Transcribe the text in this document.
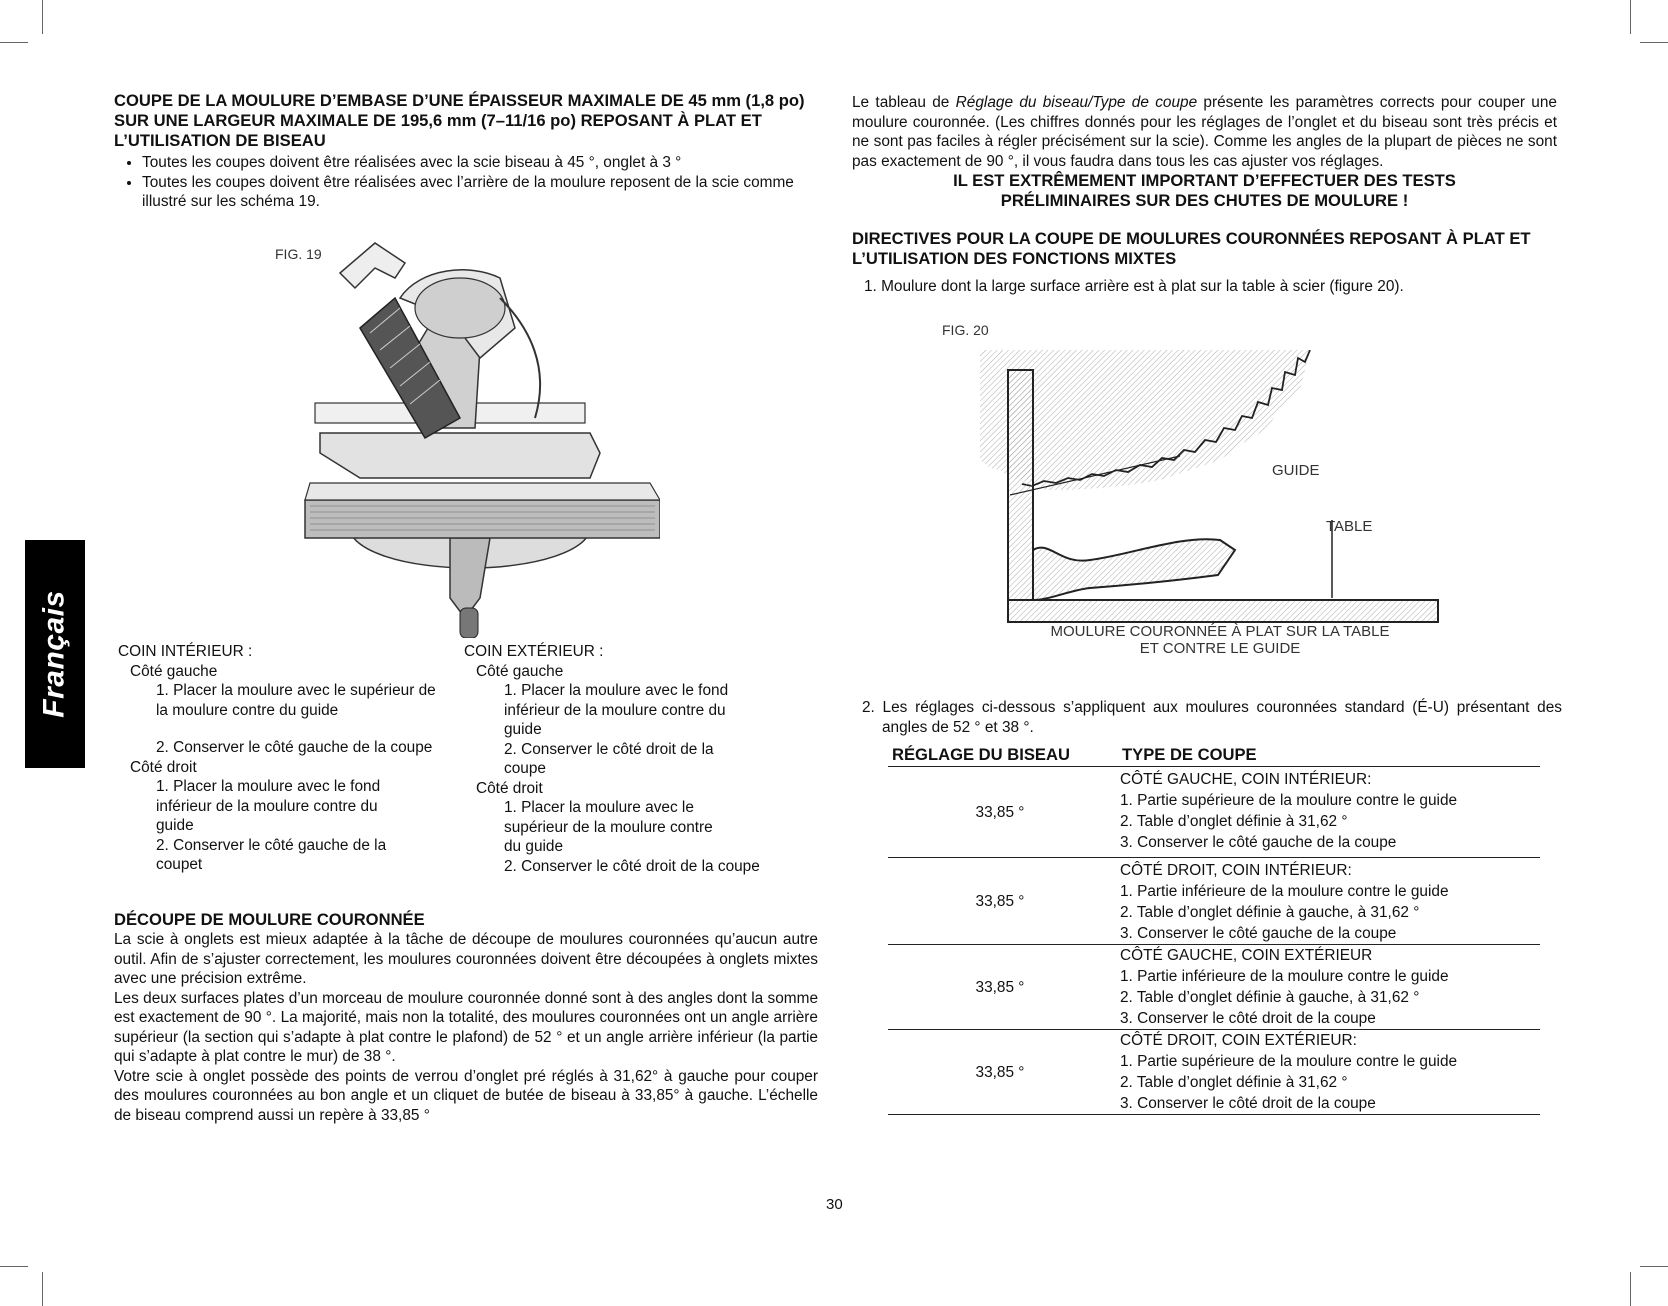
Français
COUPE DE LA MOULURE D’EMBASE D’UNE ÉPAISSEUR MAXIMALE DE 45 mm (1,8 po) SUR UNE LARGEUR MAXIMALE DE 195,6 mm (7–11/16 po) REPOSANT À PLAT ET L’UTILISATION DE BISEAU
• Toutes les coupes doivent être réalisées avec la scie biseau à 45 °, onglet à 3 °
• Toutes les coupes doivent être réalisées avec l’arrière de la moulure reposent de la scie comme illustré sur les schéma 19.
FIG. 19
COIN INTÉRIEUR :
Côté gauche
1. Placer la moulure avec le supérieur de la moulure contre du guide
2. Conserver le côté gauche de la coupe
Côté droit
1. Placer la moulure avec le fond inférieur de la moulure contre du guide
2. Conserver le côté gauche de la coupet
COIN EXTÉRIEUR :
Côté gauche
1. Placer la moulure avec le fond inférieur de la moulure contre du guide
2. Conserver le côté droit de la coupe
Côté droit
1. Placer la moulure avec le supérieur de la moulure contre du guide
2. Conserver le côté droit de la coupe
DÉCOUPE DE MOULURE COURONNÉE

La scie à onglets est mieux adaptée à la tâche de découpe de moulures couronnées qu’aucun autre outil. Afin de s’ajuster correctement, les moulures couronnées doivent être découpées à onglets mixtes avec une précision extrême.

Les deux surfaces plates d’un morceau de moulure couronnée donné sont à des angles dont la somme est exactement de 90 °. La majorité, mais non la totalité, des moulures couronnées ont un angle arrière supérieur (la section qui s’adapte à plat contre le plafond) de 52 ° et un angle arrière inférieur (la partie qui s’adapte à plat contre le mur) de 38 °.

Votre scie à onglet possède des points de verrou d’onglet pré réglés à 31,62° à gauche pour couper des moulures couronnées au bon angle et un cliquet de butée de biseau à 33,85° à gauche. L’échelle de biseau comprend aussi un repère à 33,85 °

Le tableau de Réglage du biseau/Type de coupe présente les paramètres corrects pour couper une moulure couronnée. (Les chiffres donnés pour les réglages de l’onglet et du biseau sont très précis et ne sont pas faciles à régler précisément sur la scie). Comme les angles de la plupart de pièces ne sont pas exactement de 90 °, il vous faudra dans tous les cas ajuster vos réglages.

IL EST EXTRÊMEMENT IMPORTANT D’EFFECTUER DES TESTS
PRÉLIMINAIRES SUR DES CHUTES DE MOULURE !
DIRECTIVES POUR LA COUPE DE MOULURES COURONNÉES REPOSANT À PLAT ET L’UTILISATION DES FONCTIONS MIXTES
1. Moulure dont la large surface arrière est à plat sur la table à scier (figure 20).
FIG. 20
GUIDE
TABLE
MOULURE COURONNÉE À PLAT SUR LA TABLE
ET CONTRE LE GUIDE
2. Les réglages ci-dessous s’appliquent aux moulures couronnées standard (É-U) présentant des angles de 52 ° et 38 °.
RÉGLAGE DU BISEAU	TYPE DE COUPE
33,85 °	CÔTÉ GAUCHE, COIN INTÉRIEUR:
1. Partie supérieure de la moulure contre le guide
2. Table d’onglet définie à 31,62 °
3. Conserver le côté gauche de la coupe

33,85 °	CÔTÉ DROIT, COIN INTÉRIEUR:
1. Partie inférieure de la moulure contre le guide
2. Table d’onglet définie à gauche, à 31,62 °
3. Conserver le côté gauche de la coupe

33,85 °	CÔTÉ GAUCHE, COIN EXTÉRIEUR
1. Partie inférieure de la moulure contre le guide
2. Table d’onglet définie à gauche, à 31,62 °
3. Conserver le côté droit de la coupe

33,85 °	CÔTÉ DROIT, COIN EXTÉRIEUR:
1. Partie supérieure de la moulure contre le guide
2. Table d’onglet définie à 31,62 °
3. Conserver le côté droit de la coupe
30
